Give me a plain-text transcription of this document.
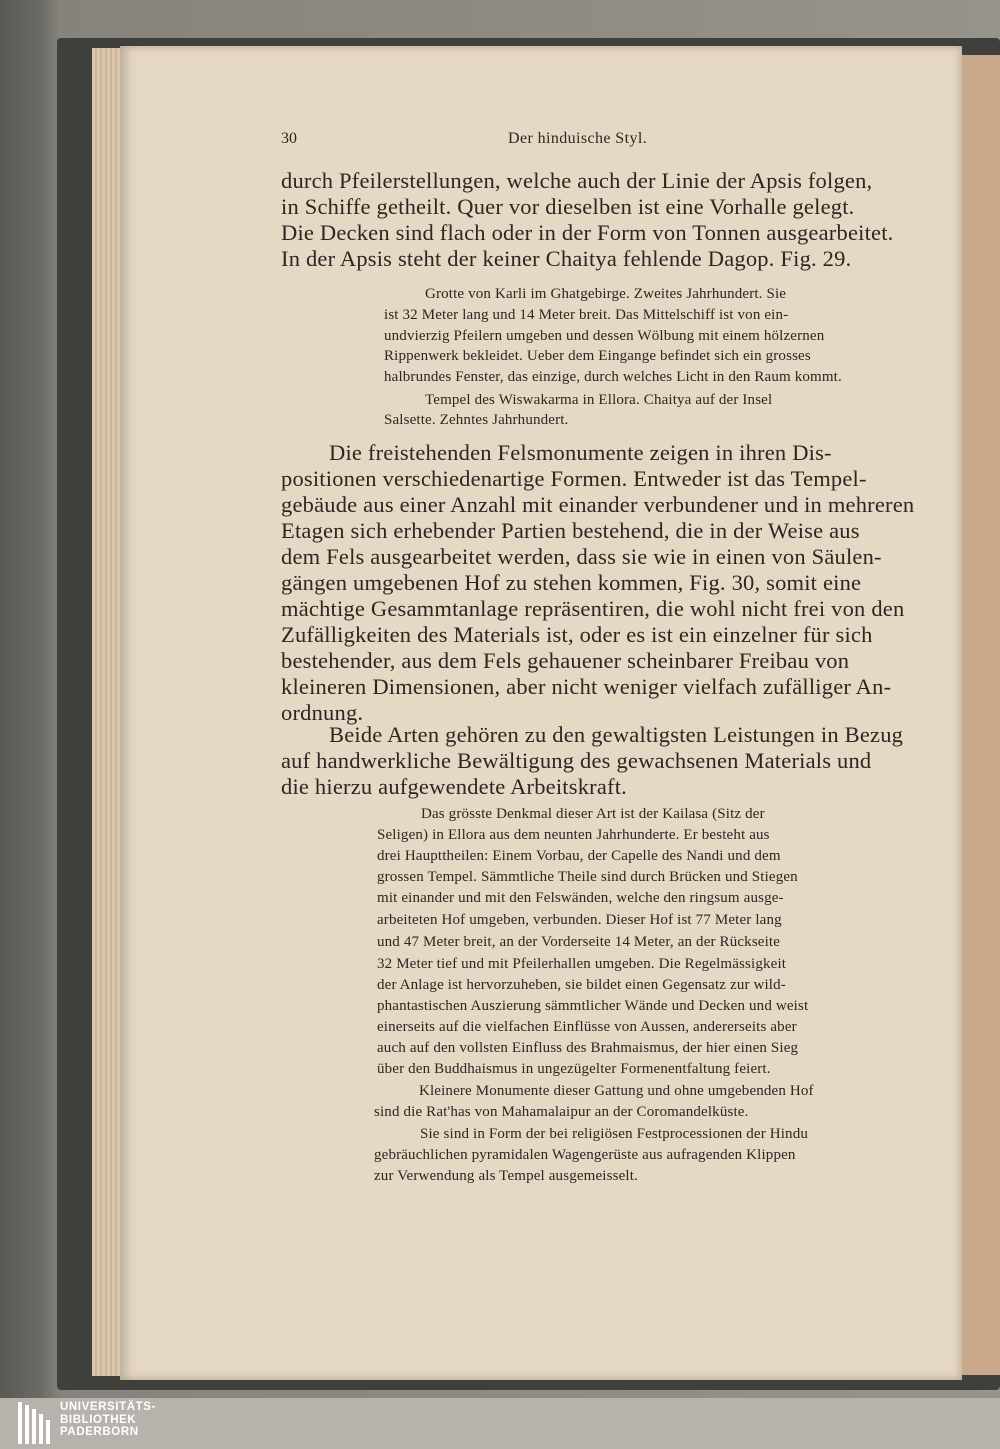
30	Der hinduische Styl.
durch Pfeilerstellungen, welche auch der Linie der Apsis folgen,
in Schiffe getheilt. Quer vor dieselben ist eine Vorhalle gelegt.
Die Decken sind flach oder in der Form von Tonnen ausgearbeitet.
In der Apsis steht der keiner Chaitya fehlende Dagop. Fig. 29.
Grotte von Karli im Ghatgebirge. Zweites Jahrhundert. Sie
ist 32 Meter lang und 14 Meter breit. Das Mittelschiff ist von ein-
undvierzig Pfeilern umgeben und dessen Wölbung mit einem hölzernen
Rippenwerk bekleidet. Ueber dem Eingange befindet sich ein grosses
halbrundes Fenster, das einzige, durch welches Licht in den Raum kommt.
Tempel des Wiswakarma in Ellora. Chaitya auf der Insel
Salsette. Zehntes Jahrhundert.
Die freistehenden Felsmonumente zeigen in ihren Dis-
positionen verschiedenartige Formen. Entweder ist das Tempel-
gebäude aus einer Anzahl mit einander verbundener und in mehreren
Etagen sich erhebender Partien bestehend, die in der Weise aus
dem Fels ausgearbeitet werden, dass sie wie in einen von Säulen-
gängen umgebenen Hof zu stehen kommen, Fig. 30, somit eine
mächtige Gesammtanlage repräsentiren, die wohl nicht frei von den
Zufälligkeiten des Materials ist, oder es ist ein einzelner für sich
bestehender, aus dem Fels gehauener scheinbarer Freibau von
kleineren Dimensionen, aber nicht weniger vielfach zufälliger An-
ordnung.
Beide Arten gehören zu den gewaltigsten Leistungen in Bezug
auf handwerkliche Bewältigung des gewachsenen Materials und
die hierzu aufgewendete Arbeitskraft.
Das grösste Denkmal dieser Art ist der Kailasa (Sitz der
Seligen) in Ellora aus dem neunten Jahrhunderte. Er besteht aus
drei Haupttheilen: Einem Vorbau, der Capelle des Nandi und dem
grossen Tempel. Sämmtliche Theile sind durch Brücken und Stiegen
mit einander und mit den Felswänden, welche den ringsum ausge-
arbeiteten Hof umgeben, verbunden. Dieser Hof ist 77 Meter lang
und 47 Meter breit, an der Vorderseite 14 Meter, an der Rückseite
32 Meter tief und mit Pfeilerhallen umgeben. Die Regelmässigkeit
der Anlage ist hervorzuheben, sie bildet einen Gegensatz zur wild-
phantastischen Auszierung sämmtlicher Wände und Decken und weist
einerseits auf die vielfachen Einflüsse von Aussen, andererseits aber
auch auf den vollsten Einfluss des Brahmaismus, der hier einen Sieg
über den Buddhaismus in ungezügelter Formenentfaltung feiert.
Kleinere Monumente dieser Gattung und ohne umgebenden Hof
sind die Rat'has von Mahamalaipur an der Coromandelküste.
Sie sind in Form der bei religiösen Festprocessionen der Hindu
gebräuchlichen pyramidalen Wagengerüste aus aufragenden Klippen
zur Verwendung als Tempel ausgemeisselt.
UNIVERSITÄTS-
BIBLIOTHEK
PADERBORN
